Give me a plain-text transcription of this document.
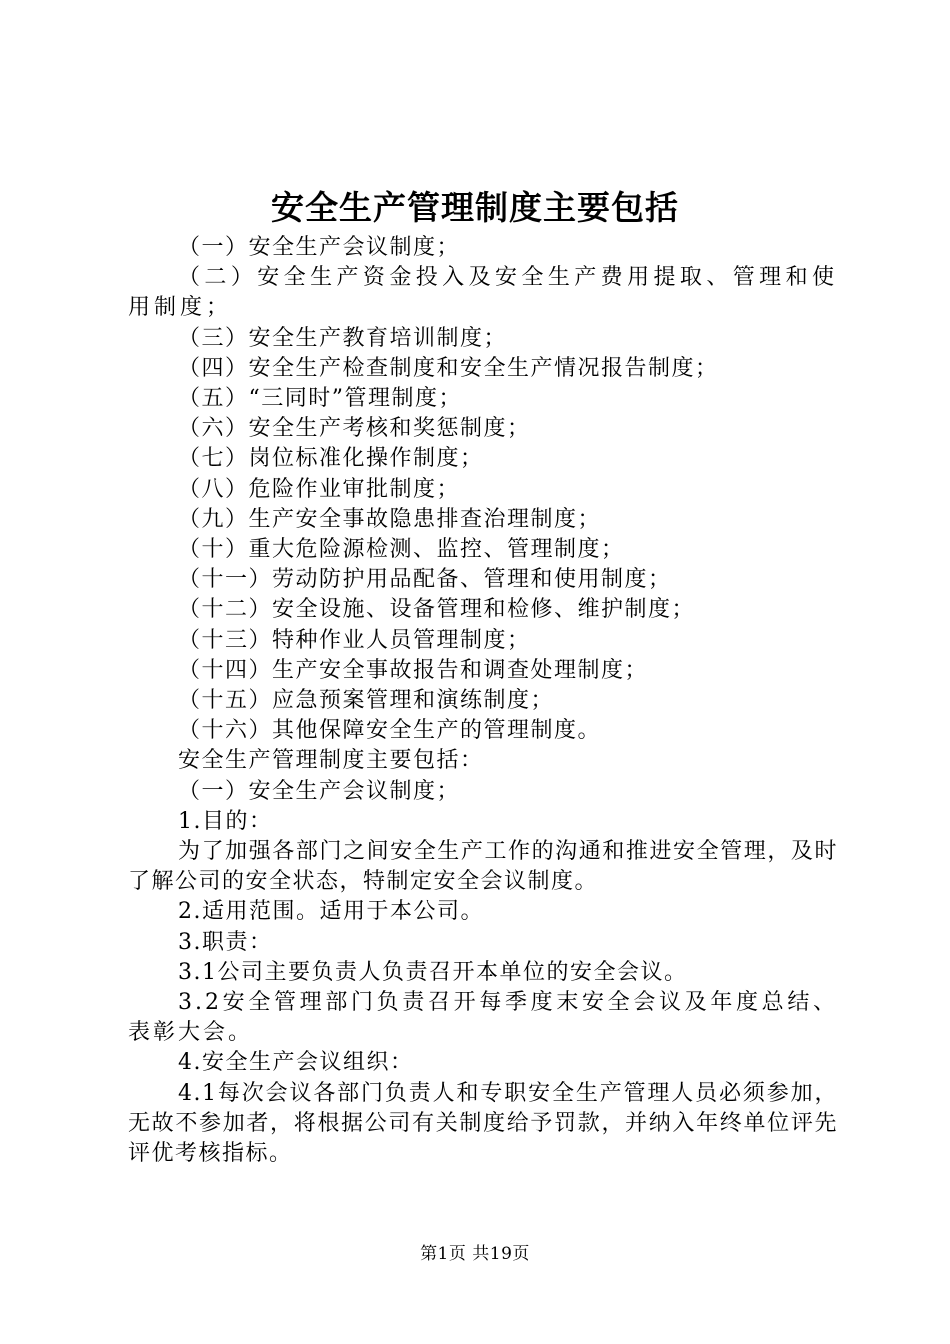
安全生产管理制度主要包括

（一）安全生产会议制度；

（二）安全生产资金投入及安全生产费用提取、管理和使用制度；

（三）安全生产教育培训制度；

（四）安全生产检查制度和安全生产情况报告制度；

（五）“三同时”管理制度；

（六）安全生产考核和奖惩制度；

（七）岗位标准化操作制度；

（八）危险作业审批制度；

（九）生产安全事故隐患排查治理制度；

（十）重大危险源检测、监控、管理制度；

（十一）劳动防护用品配备、管理和使用制度；

（十二）安全设施、设备管理和检修、维护制度；

（十三）特种作业人员管理制度；

（十四）生产安全事故报告和调查处理制度；

（十五）应急预案管理和演练制度；

（十六）其他保障安全生产的管理制度。

安全生产管理制度主要包括：

（一）安全生产会议制度；

1.目的：

为了加强各部门之间安全生产工作的沟通和推进安全管理，及时了解公司的安全状态，特制定安全会议制度。

2.适用范围。适用于本公司。

3.职责：

3.1公司主要负责人负责召开本单位的安全会议。

3.2安全管理部门负责召开每季度末安全会议及年度总结、表彰大会。

4.安全生产会议组织：

4.1每次会议各部门负责人和专职安全生产管理人员必须参加，无故不参加者，将根据公司有关制度给予罚款，并纳入年终单位评先评优考核指标。

第1页 共19页
